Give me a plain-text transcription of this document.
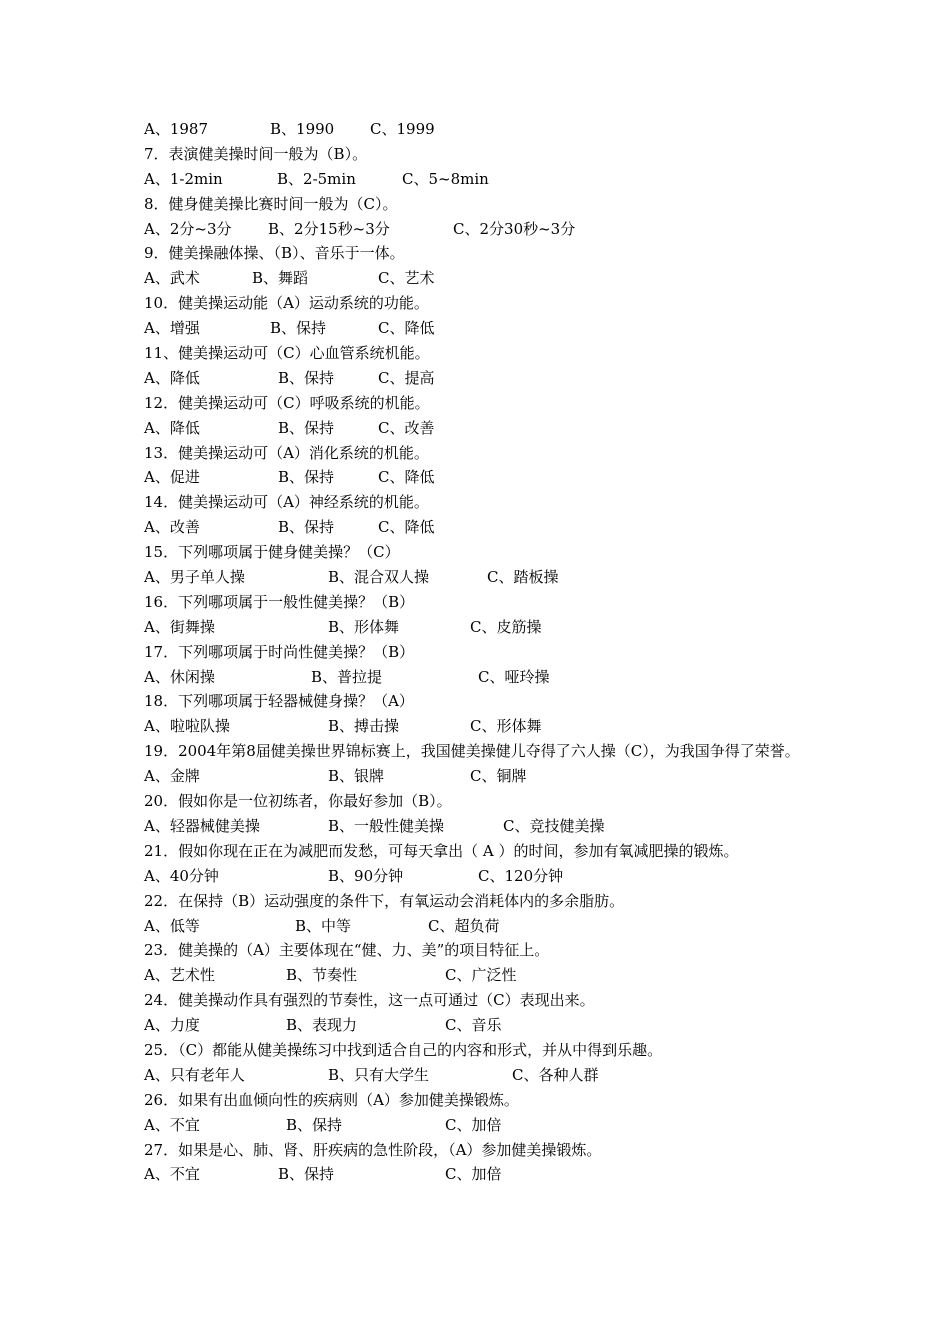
A、1987	B、1990 C、1999
7．表演健美操时间一般为（B）。
A、1-2min	B、2-5min	C、5~8min
8．健身健美操比赛时间一般为（C）。
A、2分~3分 B、2分15秒~3分	C、2分30秒~3分
9．健美操融体操、（B）、音乐于一体。
A、武术	B、舞蹈	C、艺术
10．健美操运动能（A）运动系统的功能。
A、增强	B、保持	C、降低
11、健美操运动可（C）心血管系统机能。
A、降低	B、保持	C、提高
12．健美操运动可（C）呼吸系统的机能。
A、降低	B、保持	C、改善
13．健美操运动可（A）消化系统的机能。
A、促进	B、保持	C、降低
14．健美操运动可（A）神经系统的机能。
A、改善	B、保持	C、降低
15．下列哪项属于健身健美操？（C）
A、男子单人操	B、混合双人操	C、踏板操
16．下列哪项属于一般性健美操？（B）
A、街舞操	B、形体舞	C、皮筋操
17．下列哪项属于时尚性健美操？（B）
A、休闲操	B、普拉提	C、哑玲操
18．下列哪项属于轻器械健身操？（A）
A、啦啦队操	B、搏击操	C、形体舞
19．2004年第8届健美操世界锦标赛上，我国健美操健儿夺得了六人操（C），为我国争得了荣誉。
A、金牌	B、银牌	C、铜牌
20．假如你是一位初练者，你最好参加（B）。
A、轻器械健美操	B、一般性健美操	C、竞技健美操
21．假如你现在正在为减肥而发愁，可每天拿出（ A ）的时间，参加有氧减肥操的锻炼。
A、40分钟	B、90分钟	C、120分钟
22．在保持（B）运动强度的条件下，有氧运动会消耗体内的多余脂肪。
A、低等	B、中等	C、超负荷
23．健美操的（A）主要体现在“健、力、美”的项目特征上。
A、艺术性	B、节奏性	C、广泛性
24．健美操动作具有强烈的节奏性，这一点可通过（C）表现出来。
A、力度	B、表现力	C、音乐
25．（C）都能从健美操练习中找到适合自己的内容和形式，并从中得到乐趣。
A、只有老年人	B、只有大学生	C、各种人群
26．如果有出血倾向性的疾病则（A）参加健美操锻炼。
A、不宜	B、保持	C、加倍
27．如果是心、肺、肾、肝疾病的急性阶段，（A）参加健美操锻炼。
A、不宜	B、保持	C、加倍
